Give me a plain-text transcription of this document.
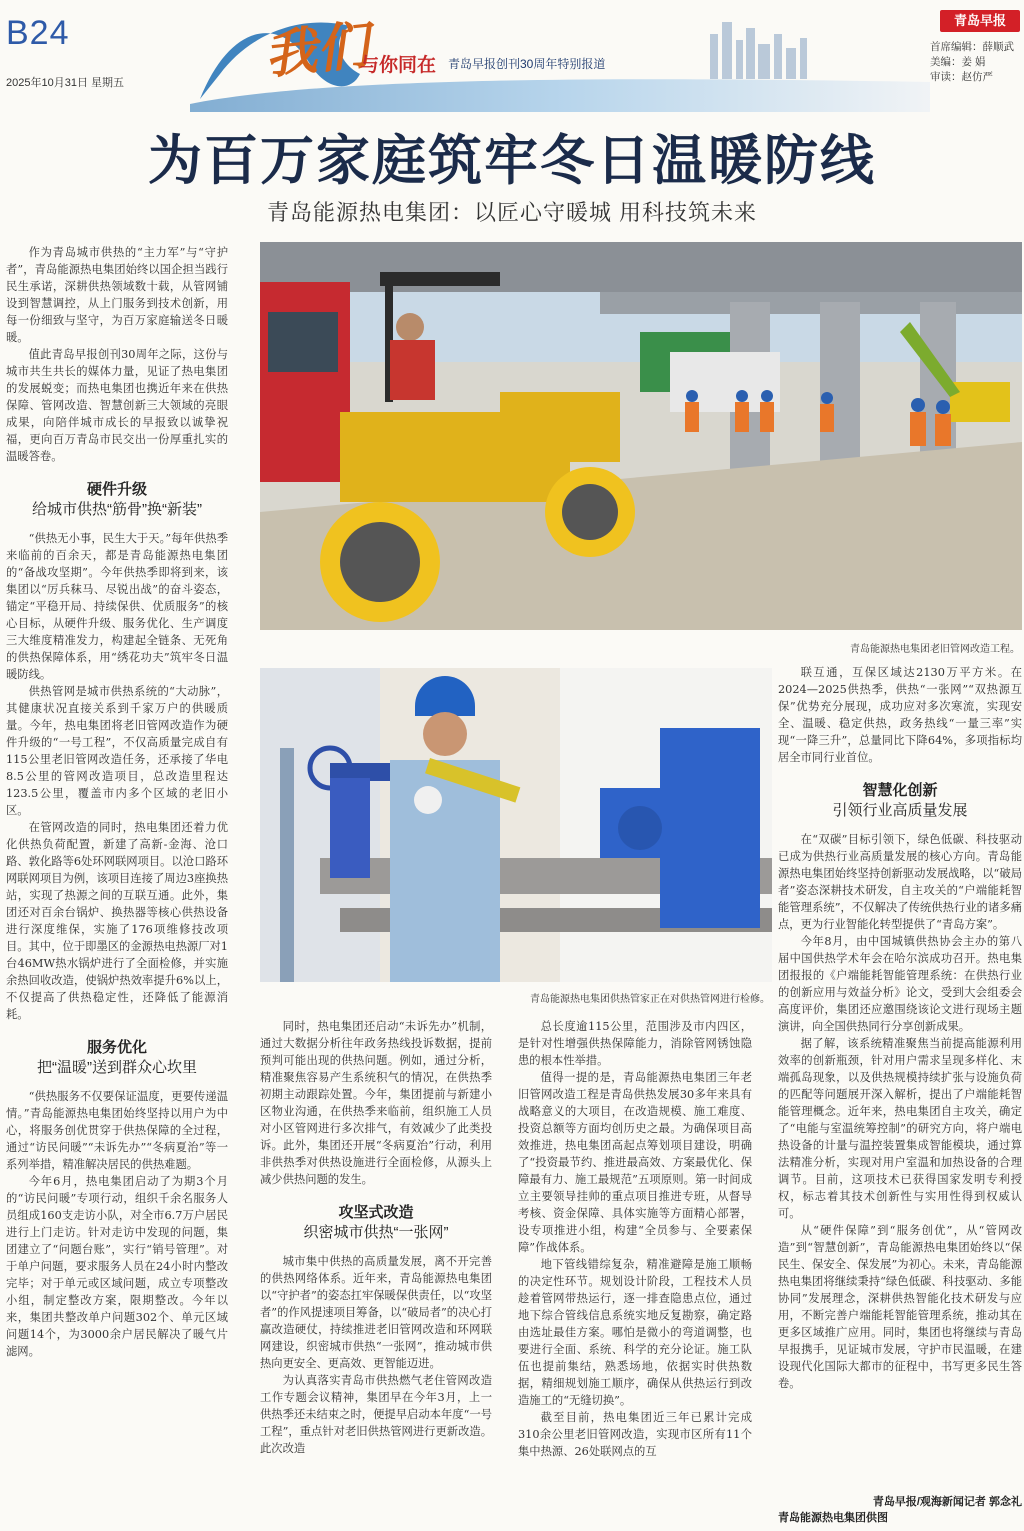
B24
2025年10月31日 星期五	我们
与你同在 青岛早报创刊30周年特别报道
青岛早报
首席编辑：薛顺武
美编：姜 娟
审读：赵仿严
为百万家庭筑牢冬日温暖防线
青岛能源热电集团：以匠心守暖城 用科技筑未来
青岛能源热电集团老旧管网改造工程。
青岛能源热电集团供热管家正在对供热管网进行检修。

作为青岛城市供热的“主力军”与“守护者”，青岛能源热电集团始终以国企担当践行民生承诺，深耕供热领域数十载，从管网铺设到智慧调控，从上门服务到技术创新，用每一份细致与坚守，为百万家庭输送冬日暖暖。

值此青岛早报创刊30周年之际，这份与城市共生共长的媒体力量，见证了热电集团的发展蜕变；而热电集团也携近年来在供热保障、管网改造、智慧创新三大领域的亮眼成果，向陪伴城市成长的早报致以诚挚祝福，更向百万青岛市民交出一份厚重扎实的温暖答卷。

硬件升级
给城市供热“筋骨”换“新装”

“供热无小事，民生大于天。”每年供热季来临前的百余天，都是青岛能源热电集团的“备战攻坚期”。今年供热季即将到来，该集团以“厉兵秣马、尽锐出战”的奋斗姿态，锚定“平稳开局、持续保供、优质服务”的核心目标，从硬件升级、服务优化、生产调度三大维度精准发力，构建起全链条、无死角的供热保障体系，用“绣花功夫”筑牢冬日温暖防线。

供热管网是城市供热系统的“大动脉”，其健康状况直接关系到千家万户的供暖质量。今年，热电集团将老旧管网改造作为硬件升级的“一号工程”，不仅高质量完成自有115公里老旧管网改造任务，还承接了华电8.5公里的管网改造项目，总改造里程达123.5公里，覆盖市内多个区域的老旧小区。

在管网改造的同时，热电集团还着力优化供热负荷配置，新建了高新-金海、沧口路、敦化路等6处环网联网项目。以沧口路环网联网项目为例，该项目连接了周边3座换热站，实现了热源之间的互联互通。此外，集团还对百余台锅炉、换热器等核心供热设备进行深度维保，实施了176项维修技改项目。其中，位于即墨区的金源热电热源厂对1台46MW热水锅炉进行了全面检修，并实施余热回收改造，使锅炉热效率提升6%以上，不仅提高了供热稳定性，还降低了能源消耗。

服务优化
把“温暖”送到群众心坎里

“供热服务不仅要保证温度，更要传递温情。”青岛能源热电集团始终坚持以用户为中心，将服务创优贯穿于供热保障的全过程，通过“访民问暖”“未诉先办”“冬病夏治”等一系列举措，精准解决居民的供热难题。

今年6月，热电集团启动了为期3个月的“访民问暖”专项行动，组织千余名服务人员组成160支走访小队，对全市6.7万户居民进行上门走访。针对走访中发现的问题，集团建立了“问题台账”，实行“销号管理”。对于单户问题，要求服务人员在24小时内整改完毕；对于单元或区域问题，成立专项整改小组，制定整改方案，限期整改。今年以来，集团共整改单户问题302个、单元区域问题14个，为3000余户居民解决了暖气片滤网。

同时，热电集团还启动“未诉先办”机制，通过大数据分析往年政务热线投诉数据，提前预判可能出现的供热问题。例如，通过分析，精准聚焦容易产生系统积气的情况，在供热季初期主动跟踪处置。今年，集团提前与新建小区物业沟通，在供热季来临前，组织施工人员对小区管网进行多次排气，有效减少了此类投诉。此外，集团还开展“冬病夏治”行动，利用非供热季对供热设施进行全面检修，从源头上减少供热问题的发生。

攻坚式改造
织密城市供热“一张网”

城市集中供热的高质量发展，离不开完善的供热网络体系。近年来，青岛能源热电集团以“守护者”的姿态扛牢保暖保供责任，以“攻坚者”的作风提速项目筹备，以“破局者”的决心打赢改造硬仗，持续推进老旧管网改造和环网联网建设，织密城市供热“一张网”，推动城市供热向更安全、更高效、更智能迈进。

为认真落实青岛市供热燃气老住管网改造工作专题会议精神，集团早在今年3月，上一供热季还未结束之时，便提早启动本年度“一号工程”，重点针对老旧供热管网进行更新改造。此次改造

总长度逾115公里，范围涉及市内四区，是针对性增强供热保障能力，消除管网锈蚀隐患的根本性举措。

值得一提的是，青岛能源热电集团三年老旧管网改造工程是青岛供热发展30多年来具有战略意义的大项目，在改造规模、施工难度、投资总额等方面均创历史之最。为确保项目高效推进，热电集团高起点筹划项目建设，明确了“投资最节约、推进最高效、方案最优化、保障最有力、施工最规范”五项原则。第一时间成立主要领导挂帅的重点项目推进专班，从督导考核、资金保障、具体实施等方面精心部署，设专项推进小组，构建“全员参与、全要素保障”作战体系。

地下管线错综复杂，精准避障是施工顺畅的决定性环节。规划设计阶段，工程技术人员趁着管网带热运行，逐一排查隐患点位，通过地下综合管线信息系统实地反复勘察，确定路由选址最佳方案。哪怕是微小的弯道调整，也要进行全面、系统、科学的充分论证。施工队伍也提前集结，熟悉场地，依据实时供热数据，精细规划施工顺序，确保从供热运行到改造施工的“无缝切换”。

截至目前，热电集团近三年已累计完成310余公里老旧管网改造，实现市区所有11个集中热源、26处联网点的互

联互通，互保区域达2130万平方米。在2024—2025供热季，供热“一张网”“双热源互保”优势充分展现，成功应对多次寒流，实现安全、温暖、稳定供热，政务热线“一量三率”实现“一降三升”，总量同比下降64%，多项指标均居全市同行业首位。

智慧化创新
引领行业高质量发展

在“双碳”目标引领下，绿色低碳、科技驱动已成为供热行业高质量发展的核心方向。青岛能源热电集团始终坚持创新驱动发展战略，以“破局者”姿态深耕技术研发，自主攻关的“户端能耗智能管理系统”，不仅解决了传统供热行业的诸多痛点，更为行业智能化转型提供了“青岛方案”。

今年8月，由中国城镇供热协会主办的第八届中国供热学术年会在哈尔滨成功召开。热电集团报报的《户端能耗智能管理系统：在供热行业的创新应用与效益分析》论文，受到大会组委会高度评价，集团还应邀围绕该论文进行现场主题演讲，向全国供热同行分享创新成果。

据了解，该系统精准聚焦当前提高能源利用效率的创新瓶颈，针对用户需求呈现多样化、末端孤岛现象，以及供热规模持续扩张与设施负荷的匹配等问题展开深入解析，提出了户端能耗智能管理概念。近年来，热电集团自主攻关，确定了“电能与室温统筹控制”的研究方向，将户端电热设备的计量与温控装置集成智能模块，通过算法精准分析，实现对用户室温和加热设备的合理调节。目前，这项技术已获得国家发明专利授权，标志着其技术创新性与实用性得到权威认可。

从“硬件保障”到“服务创优”，从“管网改造”到“智慧创新”，青岛能源热电集团始终以“保民生、保安全、保发展”为初心。未来，青岛能源热电集团将继续秉持“绿色低碳、科技驱动、多能协同”发展理念，深耕供热智能化技术研发与应用，不断完善户端能耗智能管理系统，推动其在更多区域推广应用。同时，集团也将继续与青岛早报携手，见证城市发展，守护市民温暖，在建设现代化国际大都市的征程中，书写更多民生答卷。

青岛早报/观海新闻记者 郭念礼
青岛能源热电集团供图
